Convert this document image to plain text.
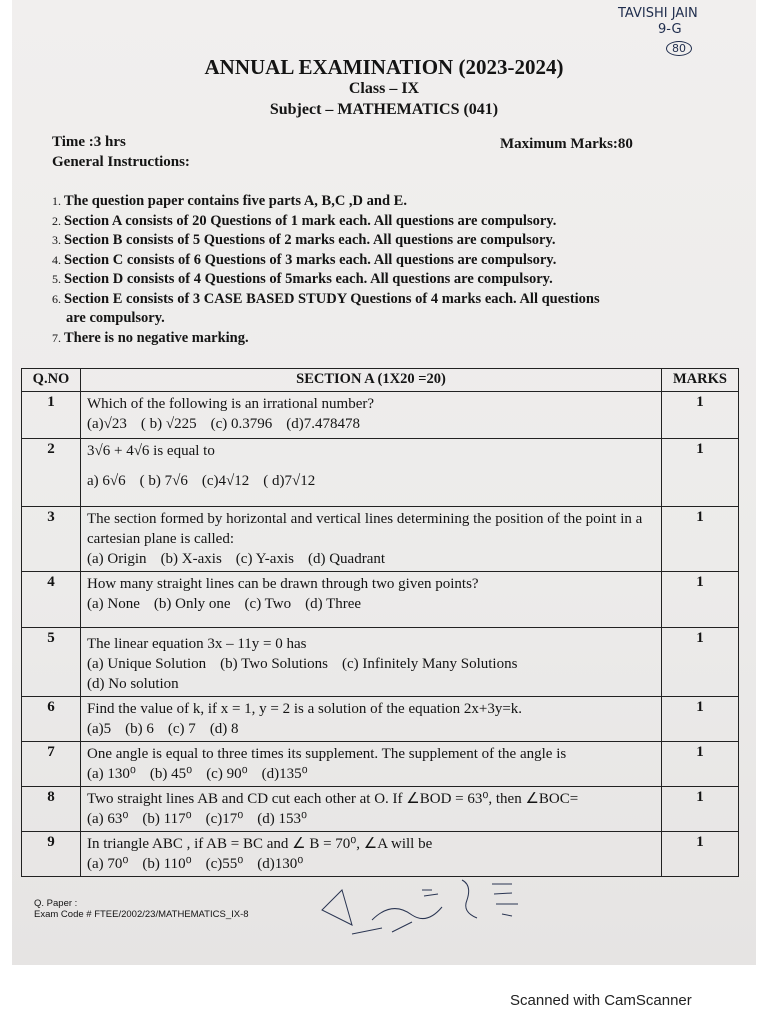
TAVISHI JAIN
9-G
80
ANNUAL EXAMINATION (2023-2024)
Class – IX
Subject – MATHEMATICS (041)
Time :3 hrs	Maximum Marks:80
General Instructions:
1. The question paper contains five parts A, B,C ,D and E.
2. Section A consists of 20 Questions of 1 mark each. All questions are compulsory.
3. Section B consists of 5 Questions of 2 marks each. All questions are compulsory.
4. Section C consists of 6 Questions of 3 marks each. All questions are compulsory.
5. Section D consists of 4 Questions of 5marks each. All questions are compulsory.
6. Section E consists of 3 CASE BASED STUDY Questions of 4 marks each. All questions
are compulsory.
7. There is no negative marking.
Q.NO	SECTION A (1X20 =20)	MARKS
1	Which of the following is an irrational number?
(a)√23 ( b) √225 (c) 0.3796 (d)7.478478	1
2	3√6 + 4√6 is equal to
a) 6√6 ( b) 7√6 (c)4√12 ( d)7√12	1
3	The section formed by horizontal and vertical lines determining the position of the point in a cartesian plane is called:
(a) Origin (b) X-axis (c) Y-axis (d) Quadrant	1
4	How many straight lines can be drawn through two given points?
(a) None (b) Only one (c) Two (d) Three	1
5	The linear equation 3x – 11y = 0 has
(a) Unique Solution (b) Two Solutions (c) Infinitely Many Solutions
(d) No solution	1
6	Find the value of k, if x = 1, y = 2 is a solution of the equation 2x+3y=k.
(a)5 (b) 6 (c) 7 (d) 8	1
7	One angle is equal to three times its supplement. The supplement of the angle is
(a) 130⁰ (b) 45⁰ (c) 90⁰ (d)135⁰	1
8	Two straight lines AB and CD cut each other at O. If ∠BOD = 63⁰, then ∠BOC=
(a) 63⁰ (b) 117⁰ (c)17⁰ (d) 153⁰	1
9	In triangle ABC , if AB = BC and ∠ B = 70⁰, ∠A will be
(a) 70⁰ (b) 110⁰ (c)55⁰ (d)130⁰	1
Q. Paper :
Exam Code # FTEE/2002/23/MATHEMATICS_IX-8
Scanned with CamScanner
